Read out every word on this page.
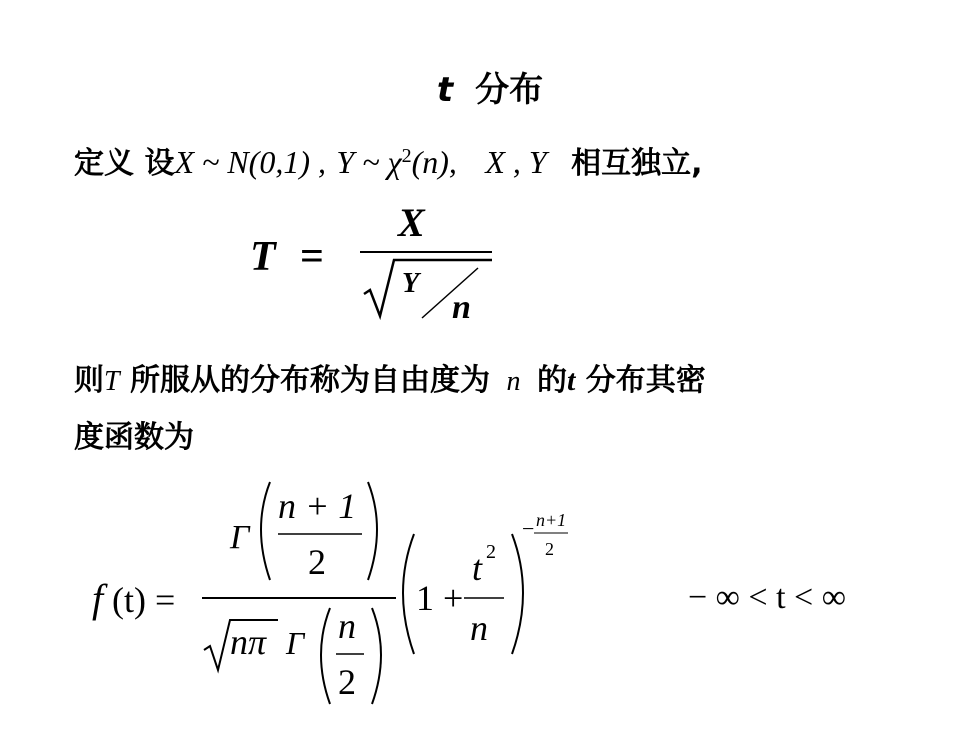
t 分布
定义 设X ~ N(0,1) , Y ~ $\chi^2(n)$, X , Y 相互独立,
T =
X
Y
n
则T 所服从的分布称为自由度为 n 的t 分布其密
度函数为
f (t) =
Γ
n + 1
2
nπ Γ n
2
1 +
t 2
n
− n+1
2
− ∞ < t < ∞
